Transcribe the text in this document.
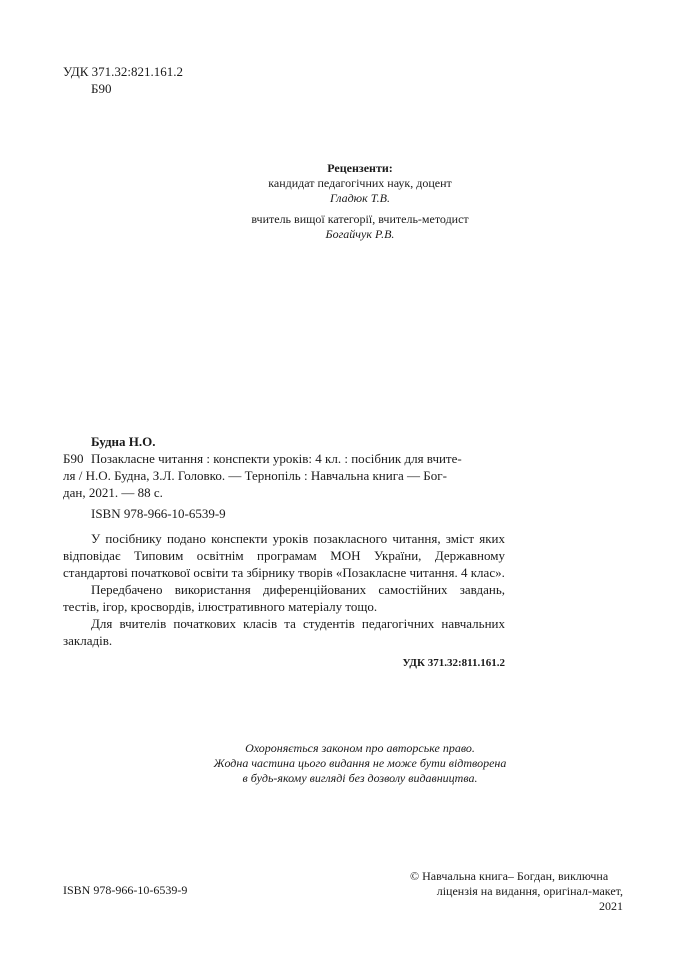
УДК 371.32:821.161.2
Б90
Рецензенти:
кандидат педагогічних наук, доцент
Гладюк Т.В.
вчитель вищої категорії, вчитель-методист
Богайчук Р.В.
Будна Н.О.
Б90 Позакласне читання : конспекти уроків: 4 кл. : посібник для вчите-
ля / Н.О. Будна, З.Л. Головко. — Тернопіль : Навчальна книга — Бог-
дан, 2021. — 88 с.
ISBN 978-966-10-6539-9

У посібнику подано конспекти уроків позакласного читання, зміст яких відповідає Типовим освітнім програмам МОН України, Державному стандартові початкової освіти та збірнику творів «Позакласне читання. 4 клас».

Передбачено використання диференційованих самостійних завдань, тестів, ігор, кросвордів, ілюстративного матеріалу тощо.

Для вчителів початкових класів та студентів педагогічних навчальних закладів.

УДК 371.32:811.161.2
Охороняється законом про авторське право.
Жодна частина цього видання не може бути відтворена
в будь-якому вигляді без дозволу видавництва.
ISBN 978-966-10-6539-9
© Навчальна книга– Богдан, виключна
ліцензія на видання, оригінал-макет, 2021
